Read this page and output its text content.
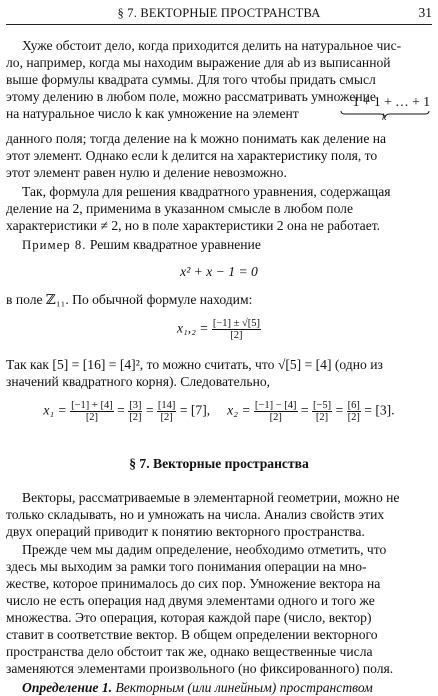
§ 7. ВЕКТОРНЫЕ ПРОСТРАНСТВА	31
Хуже обстоит дело, когда приходится делить на натуральное чис-
ло, например, когда мы находим выражение для ab из выписанной
выше формулы квадрата суммы. Для того чтобы придать смысл
этому делению в любом поле, можно рассматривать умножение
на натуральное число k как умножение на элемент
1 + 1 + … + 1
k
данного поля; тогда деление на k можно понимать как деление на
этот элемент. Однако если k делится на характеристику поля, то
этот элемент равен нулю и деление невозможно.
Так, формула для решения квадратного уравнения, содержащая
деление на 2, применима в указанном смысле в любом поле
характеристики ≠ 2, но в поле характеристики 2 она не работает.
Пример 8. Решим квадратное уравнение
x² + x − 1 = 0
в поле ℤ₁₁. По обычной формуле находим:
$x_1,_2 = \frac{[-1] \pm √[5]}{[2]}$
Так как [5] = [16] = [4]², то можно считать, что √[5] = [4] (одно из
значений квадратного корня). Следовательно,
$x_1 = \frac{[-1] + [4]}{[2]} = \frac{[3]}{[2]} = \frac{[14]}{[2]} = [7]$, $x_2 = \frac{[-1] - [4]}{[2]} = \frac{[-5]}{[2]} = \frac{[6]}{[2]} = [3]$.
§ 7. Векторные пространства
Векторы, рассматриваемые в элементарной геометрии, можно не
только складывать, но и умножать на числа. Анализ свойств этих
двух операций приводит к понятию векторного пространства.
Прежде чем мы дадим определение, необходимо отметить, что
здесь мы выходим за рамки того понимания операции на мно-
жестве, которое принималось до сих пор. Умножение вектора на
число не есть операция над двумя элементами одного и того же
множества. Это операция, которая каждой паре (число, вектор)
ставит в соответствие вектор. В общем определении векторного
пространства дело обстоит так же, однако вещественные числа
заменяются элементами произвольного (но фиксированного) поля.
Определение 1. Векторным (или линейным) пространством
